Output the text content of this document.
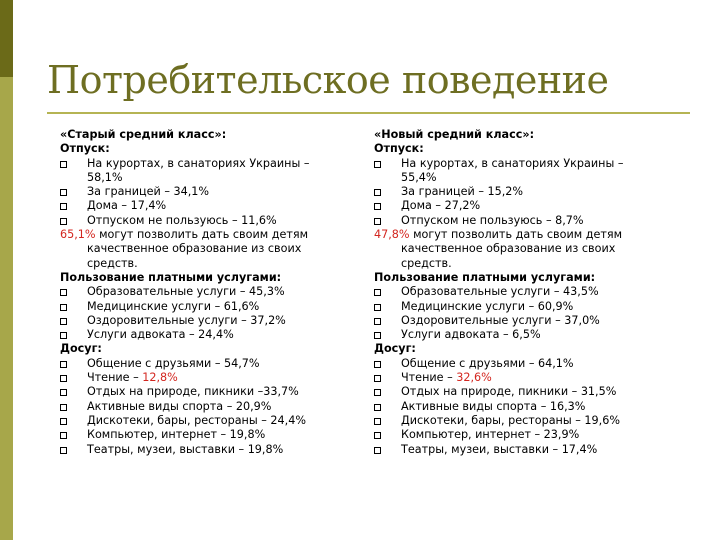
Потребительское поведение
«Старый средний класс»:
Отпуск:
На курортах, в санаториях Украины –
58,1%
За границей – 34,1%
Дома – 17,4%
Отпуском не пользуюсь – 11,6%
65,1% могут позволить дать своим детям
качественное образование из своих
средств.
Пользование платными услугами:
Образовательные услуги – 45,3%
Медицинские услуги – 61,6%
Оздоровительные услуги – 37,2%
Услуги адвоката – 24,4%
Досуг:
Общение с друзьями – 54,7%
Чтение – 12,8%
Отдых на природе, пикники –33,7%
Активные виды спорта – 20,9%
Дискотеки, бары, рестораны – 24,4%
Компьютер, интернет – 19,8%
Театры, музеи, выставки – 19,8%
«Новый средний класс»:
Отпуск:
На курортах, в санаториях Украины –
55,4%
За границей – 15,2%
Дома – 27,2%
Отпуском не пользуюсь – 8,7%
47,8% могут позволить дать своим детям
качественное образование из своих
средств.
Пользование платными услугами:
Образовательные услуги – 43,5%
Медицинские услуги – 60,9%
Оздоровительные услуги – 37,0%
Услуги адвоката – 6,5%
Досуг:
Общение с друзьями – 64,1%
Чтение – 32,6%
Отдых на природе, пикники – 31,5%
Активные виды спорта – 16,3%
Дискотеки, бары, рестораны – 19,6%
Компьютер, интернет – 23,9%
Театры, музеи, выставки – 17,4%
